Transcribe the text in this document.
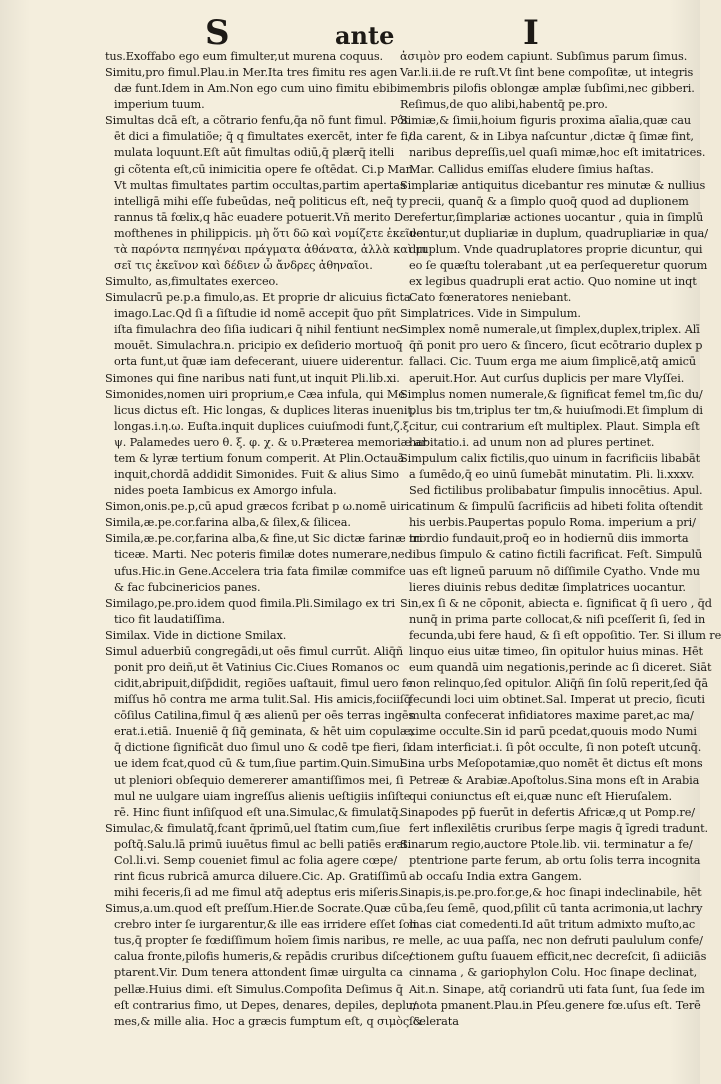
S	ante	I
tus.Exoffabo ego eum fimulter,ut murena coquus.
Simitu,pro fimul.Plau.in Mer.Ita tres fimitu res agen
dæ funt.Idem in Am.Non ego cum uino fimitu ebibi
imperium tuum.
Simultas dcā eſt, a cõtrario fenfu,q̄a nõ funt fimul. Pôt
ēt dici a fimulatiõe; q̄ q fimultates exercēt, inter fe fi/
mulata loquunt.Eſt aūt fimultas odiū,q̄ plærq̄ itelli
gi cõtenta eſt,cū inimicitia opere fe oſtēdat. Ci.p Man.
Vt multas fimultates partim occultas,partim apertas
intelligā mihi eſſe fubeūdas, neq̄ politicus eſt, neq̄ ty
rannus tā fœlix,q hāc euadere potuerit.Vñ merito De
mofthenes in philippicis. μὴ ὅτι δῶ καὶ νομίζετε ἐκεῖνο
τὰ παρόντα πεπηγέναι πράγματα ἀθάνατα, ἀλλὰ καὶ μι
σεῖ τις ἐκεῖνον καὶ δέδιεν ὦ ἄνδρες ἀθηναῖοι.
Simulto, as,fimultates exerceo.
Simulacrū pe.p.a fimulo,as. Et proprie dr alicuius ficta
imago.Lac.Qd ſi a ſiſtudie id nomē accepit q̄uo pñt
iſta fimulachra deo ſiſia iudicari q̄ nihil fentiunt nec
mouēt. Simulachra.n. pricipio ex deſiderio mortuoq̄
orta funt,ut q̄uæ iam defecerant, uiuere uiderentur.
Simones qui fine naribus nati funt,ut inquit Pli.lib.xi.
Simonides,nomen uiri proprium,e Cæa infula, qui Me
licus dictus eſt. Hic longas, & duplices literas inuenit,
longas.i.η.ω. Euſta.inquit duplices cuiuſmodi funt,ζ.ξ.
ψ. Palamedes uero θ. ξ. φ. χ. & υ.Præterea memoriæ ar
tem & lyræ tertium fonum comperit. At Plin.Octauā
inquit,chordā addidit Simonides. Fuit & alius Simo
nides poeta Iambicus ex Amorgo infula.
Simon,onis.pe.p,cū apud græcos fcribat p ω.nomē uiri
Simila,æ.pe.cor.farina alba,& ſilex,& ſilicea.
Simila,æ.pe.cor,farina alba,& fine,ut Sic dictæ farinæ tri
ticeæ. Marti. Nec poteris fimilæ dotes numerare,nec
ufus.Hic.in Gene.Accelera tria fata fimilæ commifce
& fac fubcinericios panes.
Similago,pe.pro.idem quod fimila.Pli.Similago ex tri
tico fit laudatiſſima.
Similax. Vide in dictione Smilax.
Simul aduerbiū congregādi,ut oēs fimul currūt. Aliq̄ñ
ponit pro deiñ,ut ēt Vatinius Cic.Ciues Romanos oc
cidit,abripuit,diſp̄didit, regiões uaſtauit, fimul uero fe
miſſus hō contra me arma tulit.Sal. His amicis,fociiſq̄
cōſilus Catilina,fimul q̄ æs alienū per oēs terras ingēs
erat.i.etiā. Inueniē q̄ ſiq̄ geminata, & hēt uim copulæ,
q̄ dictione ſignificāt duo ſimul uno & codē tpe fieri, ſi
ue idem fcat,quod cū & tum,ſiue partim.Quin.Simul
ut pleniori obſequio demererer amantiſſimos mei, ſi
mul ne uulgare uiam ingreſſus alienis ueſtigiis inſiſte
rē. Hinc fiunt inſiſquod eſt una.Simulac,& fimulatq̄.
Simulac,& fimulatq̄,fcant q̄primū,uel ſtatim cum,ſiue
poſtq̄.Salu.lā primū iuuētus fimul ac belli patiēs erat.
Col.li.vi. Semp coueniet fimul ac folia agere cœpe/
rint ficus rubricā amurca diluere.Cic. Ap. Gratiſſimū
mihi feceris,ſi ad me fimul atq̄ adeptus eris miſeris.
Simus,a.um.quod eſt preſſum.Hier.de Socrate.Quæ cū
crebro inter ſe iurgarentur,& ille eas irridere eſſet ſoli
tus,q̄ propter ſe fœdiſſimum hoīem ſimis naribus, re
calua fronte,pilofis humeris,& repādis cruribus diſce/
ptarent.Vir. Dum tenera attondent ſimæ uirgulta ca
pellæ.Huius dimi. eſt Simulus.Compoſita Deſimus q̄
eſt contrarius fimo, ut Depes, denares, depiles, deplu/
mes,& mille alia. Hoc a græcis fumptum eſt, q σιμὸς &
ἀσιμὸν pro eodem capiunt. Subſimus parum ſimus.
Var.li.ii.de re ruſt.Vt ſint bene compoſitæ, ut integris
membris pilofis oblongæ amplæ ſubſimi,nec gibberi.
Reſimus,de quo alibi,habentq̄ pe.pro.
Simiæ,& ſimii,hoium figuris proxima aīalia,quæ cau
da carent, & in Libya naſcuntur ,dictæ q̄ ſimæ fint,
naribus depreſſis,uel quaſi mimæ,hoc eſt imitatrices.
Mar. Callidus emiſſas eludere ſimius haſtas.
Simplariæ antiquitus dicebantur res minutæ & nullius
precii, quanq̄ & a ſimplo quoq̄ quod ad duplionem
refertur,ſimplariæ actiones uocantur , quia in ſimplū
dentur,ut dupliariæ in duplum, quadrupliariæ in qua/
druplum. Vnde quadruplatores proprie dicuntur, qui
eo ſe quæſtu tolerabant ,ut ea perſequeretur quorum
ex legibus quadrupli erat actio. Quo nomine ut inqt
Cato fœneratores neniebant.
Simplatrices. Vide in Simpulum.
Simplex nomē numerale,ut ſimplex,duplex,triplex. Alī
q̄ñ ponit pro uero & ſincero, ſicut ecōtrario duplex p
fallaci. Cic. Tuum erga me aium ſimplicē,atq̄ amicū
aperuit.Hor. Aut curſus duplicis per mare Vlyſſei.
Simplus nomen numerale,& ſignificat femel tm,ſic du/
plus bis tm,triplus ter tm,& huiuſmodi.Et ſimplum di
citur, cui contrarium eſt multiplex. Plaut. Simpla eſt
habitatio.i. ad unum non ad plures pertinet.
Simpulum calix fictilis,quo uinum in facrificiis libabāt
a ſumēdo,q̄ eo uinū ſumebāt minutatim. Pli. li.xxxv.
Sed fictilibus prolibabatur ſimpulis innocētius. Apul.
catinum & ſimpulū ſacrificiis ad hibeti folita oſtendit
his uerbis.Paupertas populo Roma. imperium a pri/
mordio fundauit,proq̄ eo in hodiernū diis immorta
libus ſimpulo & catino fictili facrificat. Feſt. Simpulū
uas eſt ligneū paruum nō diſſimile Cyatho. Vnde mu
lieres diuinis rebus deditæ ſimplatrices uocantur.
Sin,ex ſi & ne cōponit, abiecta e. ſignificat q̄ ſi uero , q̄d
nunq̄ in prima parte collocat,& niſi pceſſerit ſi, ſed in
fecunda,ubi fere haud, & ſi eſt oppoſitio. Ter. Si illum re
linquo eius uitæ timeo, ſin opitulor huius minas. Hēt
eum quandā uim negationis,perinde ac ſi diceret. Siāt
non relinquo,ſed opitulor. Aliq̄ñ ſin ſolū reperit,ſed q̄ā
fecundi loci uim obtinet.Sal. Imperat ut precio, ſicuti
multa confecerat infidiatores maxime paret,ac ma/
xime occulte.Sin id parū pcedat,quouis modo Numi
dam interficiat.i. ſi pôt occulte, ſi non poteſt utcunq̄.
Sina urbs Meſopotamiæ,quo nomēt ēt dictus eſt mons
Petreæ & Arabiæ.Apoſtolus.Sina mons eſt in Arabia
qui coniunctus eſt ei,quæ nunc eſt Hieruſalem.
Sinapodes pp̄ fuerūt in defertis Africæ,q ut Pomp.re/
fert inflexilētis cruribus ſerpe magis q̄ īgredi tradunt.
Sinarum regio,auctore Ptole.lib. vii. terminatur a fe/
ptentrione parte ferum, ab ortu ſolis terra incognita
ab occaſu India extra Gangem.
Sinapis,is.pe.pro.for.ge,& hoc ſinapi indeclinabile, hēt
ba,ſeu ſemē, quod,pſilit cū tanta acrimonia,ut lachry
mas ciat comedenti.Id aūt tritum admixto muſto,ac
melle, ac uua paſſa, nec non defruti paululum confe/
ctionem guſtu ſuauem efficit,nec decreſcit, ſi adiiciās
cinnama , & gariophylon Colu. Hoc ſinape declinat,
Ait.n. Sinape, atq̄ coriandrū uti fata ſunt, ſua ſede im
mota pmanent.Plau.in Pſeu.genere fœ.uſus eſt. Terē
ſcelerata
